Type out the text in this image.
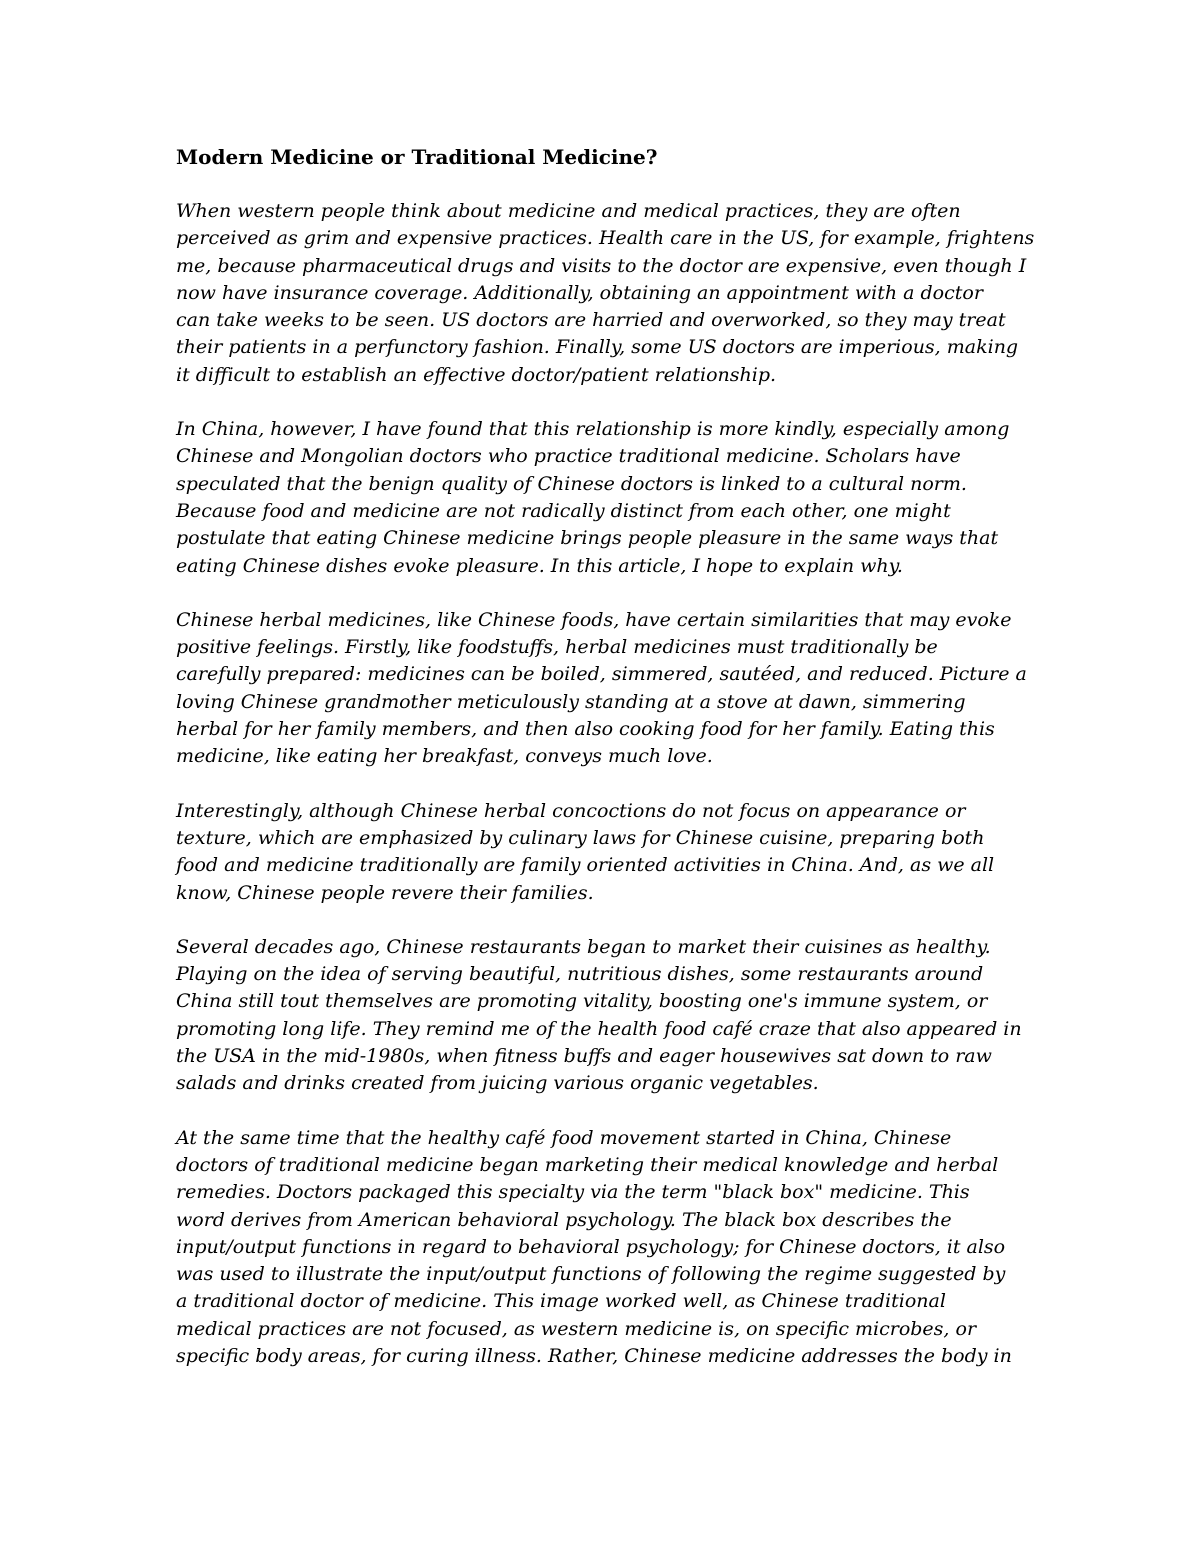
Modern Medicine or Traditional Medicine?

When western people think about medicine and medical practices, they are often
perceived as grim and expensive practices. Health care in the US, for example, frightens
me, because pharmaceutical drugs and visits to the doctor are expensive, even though I
now have insurance coverage. Additionally, obtaining an appointment with a doctor
can take weeks to be seen. US doctors are harried and overworked, so they may treat
their patients in a perfunctory fashion. Finally, some US doctors are imperious, making
it difficult to establish an effective doctor/patient relationship.

In China, however, I have found that this relationship is more kindly, especially among
Chinese and Mongolian doctors who practice traditional medicine. Scholars have
speculated that the benign quality of Chinese doctors is linked to a cultural norm.
Because food and medicine are not radically distinct from each other, one might
postulate that eating Chinese medicine brings people pleasure in the same ways that
eating Chinese dishes evoke pleasure. In this article, I hope to explain why.

Chinese herbal medicines, like Chinese foods, have certain similarities that may evoke
positive feelings. Firstly, like foodstuffs, herbal medicines must traditionally be
carefully prepared: medicines can be boiled, simmered, sautéed, and reduced. Picture a
loving Chinese grandmother meticulously standing at a stove at dawn, simmering
herbal for her family members, and then also cooking food for her family. Eating this
medicine, like eating her breakfast, conveys much love.

Interestingly, although Chinese herbal concoctions do not focus on appearance or
texture, which are emphasized by culinary laws for Chinese cuisine, preparing both
food and medicine traditionally are family oriented activities in China. And, as we all
know, Chinese people revere their families.

Several decades ago, Chinese restaurants began to market their cuisines as healthy.
Playing on the idea of serving beautiful, nutritious dishes, some restaurants around
China still tout themselves are promoting vitality, boosting one's immune system, or
promoting long life. They remind me of the health food café craze that also appeared in
the USA in the mid-1980s, when fitness buffs and eager housewives sat down to raw
salads and drinks created from juicing various organic vegetables.

At the same time that the healthy café food movement started in China, Chinese
doctors of traditional medicine began marketing their medical knowledge and herbal
remedies. Doctors packaged this specialty via the term "black box" medicine. This
word derives from American behavioral psychology. The black box describes the
input/output functions in regard to behavioral psychology; for Chinese doctors, it also
was used to illustrate the input/output functions of following the regime suggested by
a traditional doctor of medicine. This image worked well, as Chinese traditional
medical practices are not focused, as western medicine is, on specific microbes, or
specific body areas, for curing illness. Rather, Chinese medicine addresses the body in
